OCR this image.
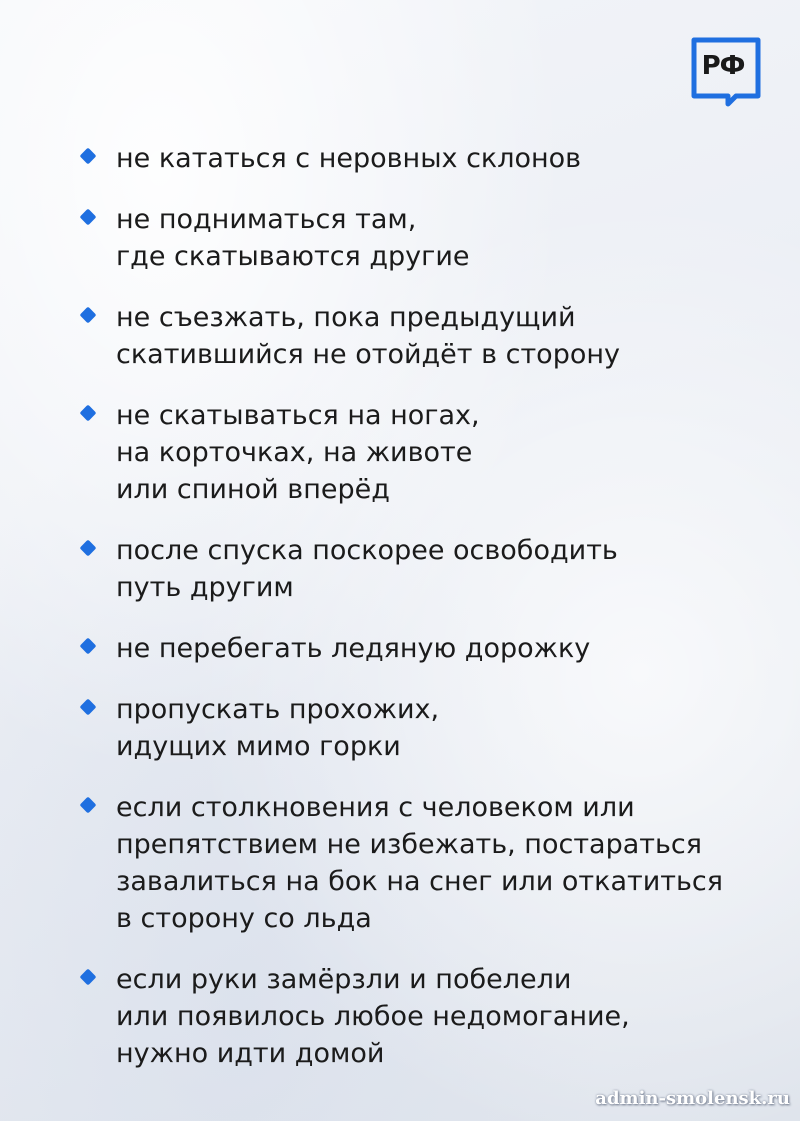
РФ
не кататься с неровных склонов
не подниматься там,
где скатываются другие
не съезжать, пока предыдущий
скатившийся не отойдёт в сторону
не скатываться на ногах,
на корточках, на животе
или спиной вперёд
после спуска поскорее освободить
путь другим
не перебегать ледяную дорожку
пропускать прохожих,
идущих мимо горки
если столкновения с человеком или
препятствием не избежать, постараться
завалиться на бок на снег или откатиться
в сторону со льда
если руки замёрзли и побелели
или появилось любое недомогание,
нужно идти домой
admin-smolensk.ru
